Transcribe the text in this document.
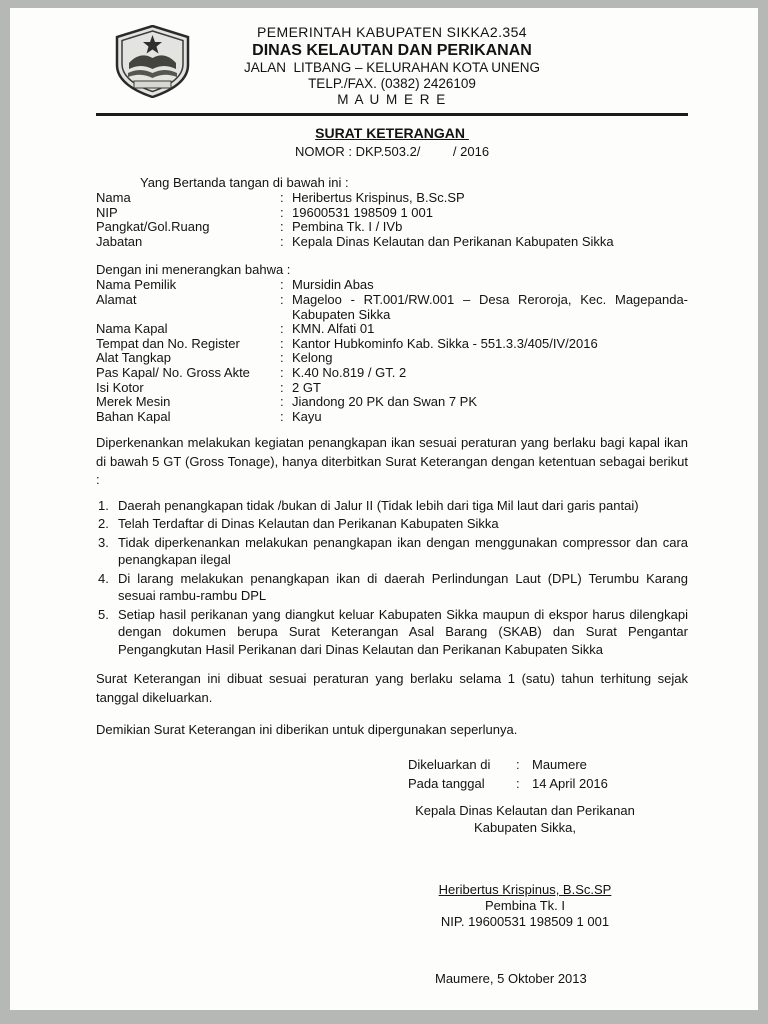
PEMERINTAH KABUPATEN SIKKA2.354
DINAS KELAUTAN DAN PERIKANAN
JALAN  LITBANG – KELURAHAN KOTA UNENG
TELP./FAX. (0382) 2426109
M A U M E R E
SURAT KETERANGAN
NOMOR : DKP.503.2/         / 2016
Yang Bertanda tangan di bawah ini :
Nama	: Heribertus Krispinus, B.Sc.SP
NIP	: 19600531 198509 1 001
Pangkat/Gol.Ruang	: Pembina Tk. I / IVb
Jabatan	: Kepala Dinas Kelautan dan Perikanan Kabupaten Sikka
Dengan ini menerangkan bahwa :
Nama Pemilik	: Mursidin Abas
Alamat	: Mageloo - RT.001/RW.001 – Desa Reroroja, Kec. Magepanda-Kabupaten Sikka
Nama Kapal	: KMN. Alfati 01
Tempat dan No. Register	: Kantor Hubkominfo Kab. Sikka - 551.3.3/405/IV/2016
Alat Tangkap	: Kelong
Pas Kapal/ No. Gross Akte	: K.40 No.819 / GT. 2
Isi Kotor	: 2 GT
Merek Mesin	: Jiandong 20 PK dan Swan 7 PK
Bahan Kapal	: Kayu
Diperkenankan melakukan kegiatan penangkapan ikan sesuai peraturan yang berlaku bagi kapal ikan di bawah 5 GT (Gross Tonage), hanya diterbitkan Surat Keterangan dengan ketentuan sebagai berikut :
1. Daerah penangkapan tidak /bukan di Jalur II (Tidak lebih dari tiga Mil laut dari garis pantai)
2. Telah Terdaftar di Dinas Kelautan dan Perikanan Kabupaten Sikka
3. Tidak diperkenankan melakukan penangkapan ikan dengan menggunakan compressor dan cara penangkapan ilegal
4. Di larang melakukan penangkapan ikan di daerah Perlindungan Laut (DPL) Terumbu Karang sesuai rambu-rambu DPL
5. Setiap hasil perikanan yang diangkut keluar Kabupaten Sikka maupun di ekspor harus dilengkapi dengan dokumen berupa Surat Keterangan Asal Barang (SKAB) dan Surat Pengantar Pengangkutan Hasil Perikanan dari Dinas Kelautan dan Perikanan Kabupaten Sikka
Surat Keterangan ini dibuat sesuai peraturan yang berlaku selama 1 (satu) tahun terhitung sejak tanggal dikeluarkan.
Demikian Surat Keterangan ini diberikan untuk dipergunakan seperlunya.
Dikeluarkan di	: Maumere
Pada tanggal	: 14 April 2016
Kepala Dinas Kelautan dan Perikanan
Kabupaten Sikka,
Heribertus Krispinus, B.Sc.SP
Pembina Tk. I
NIP. 19600531 198509 1 001
Maumere, 5 Oktober 2013
